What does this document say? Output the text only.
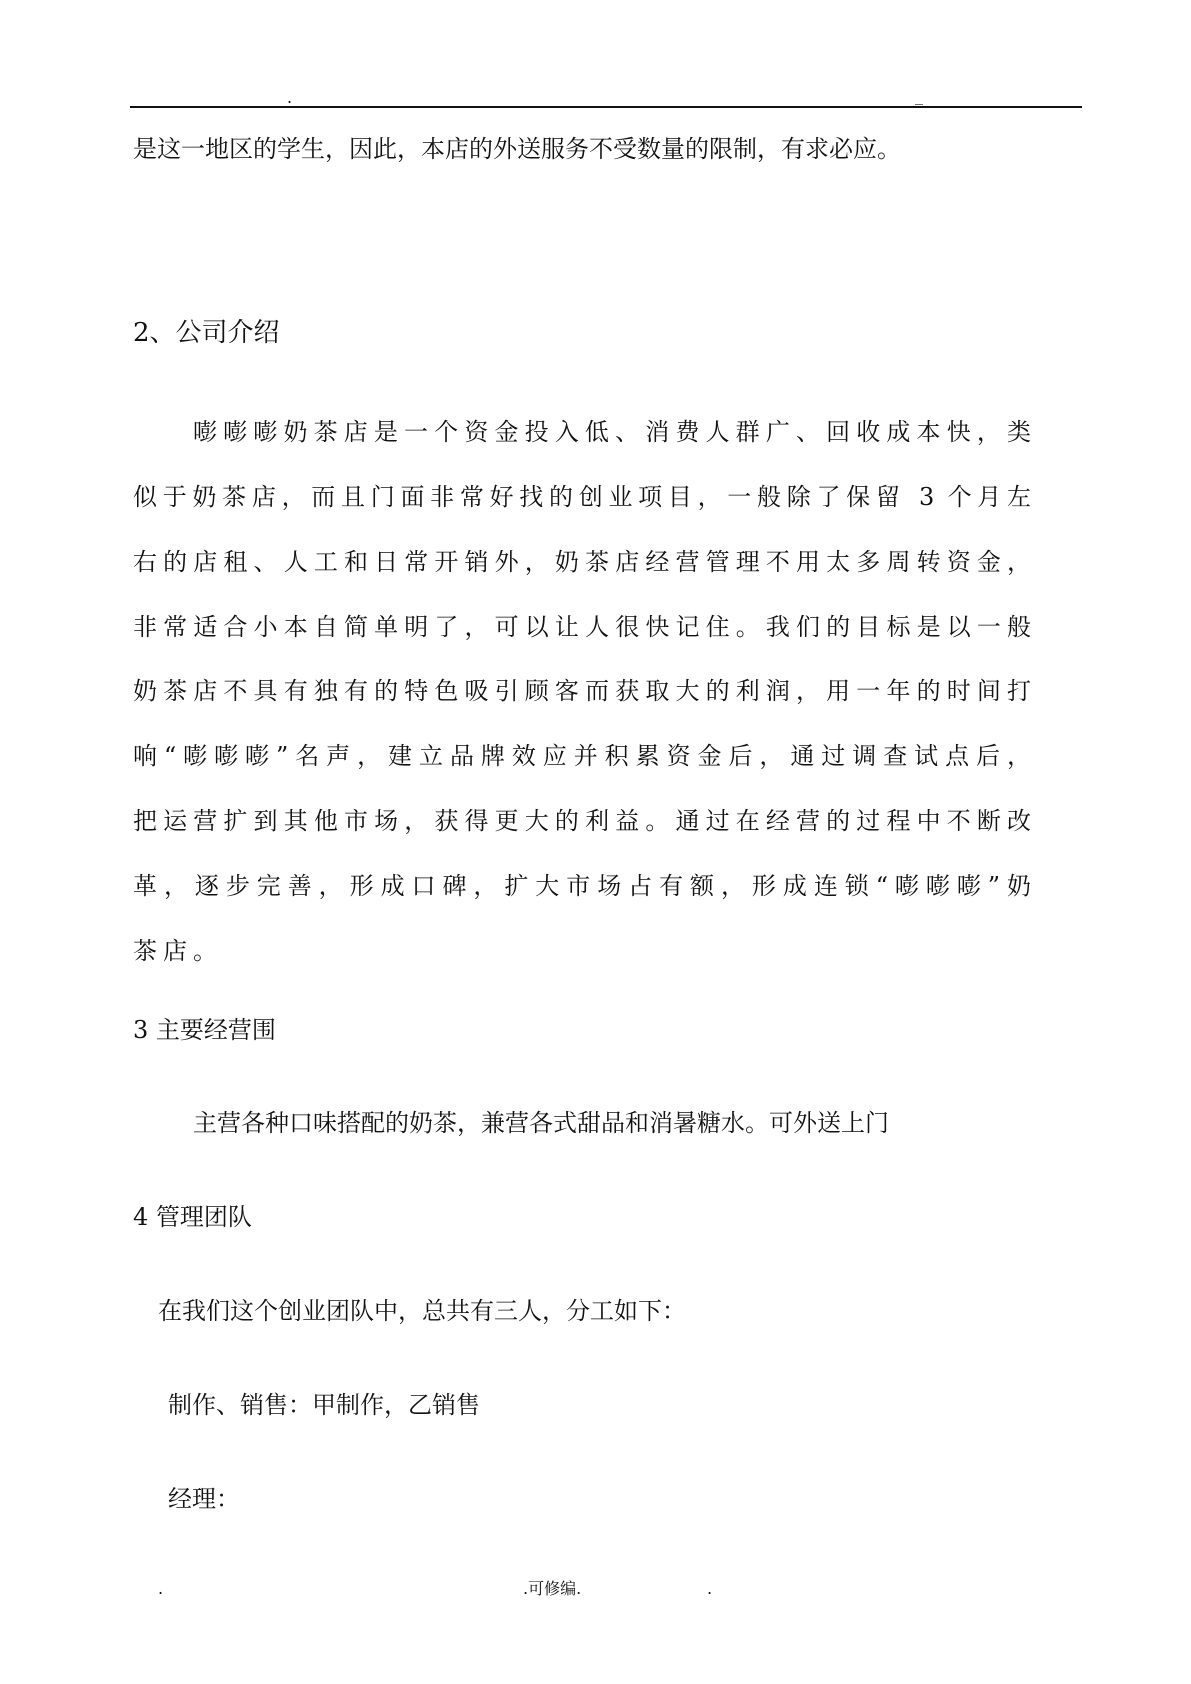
.	_
是这一地区的学生，因此，本店的外送服务不受数量的限制，有求必应。
2、公司介绍
嘭嘭嘭奶茶店是一个资金投入低、消费人群广、回收成本快，类
似于奶茶店，而且门面非常好找的创业项目，一般除了保留 3 个月左
右的店租、人工和日常开销外，奶茶店经营管理不用太多周转资金，
非常适合小本自简单明了，可以让人很快记住。我们的目标是以一般
奶茶店不具有独有的特色吸引顾客而获取大的利润，用一年的时间打
响“嘭嘭嘭”名声，建立品牌效应并积累资金后，通过调查试点后，
把运营扩到其他市场，获得更大的利益。通过在经营的过程中不断改
革，逐步完善，形成口碑，扩大市场占有额，形成连锁“嘭嘭嘭”奶
茶店。
3 主要经营围
主营各种口味搭配的奶茶，兼营各式甜品和消暑糖水。可外送上门
4 管理团队
在我们这个创业团队中，总共有三人，分工如下：
制作、销售：甲制作，乙销售
经理：
.	.可修编.	.
